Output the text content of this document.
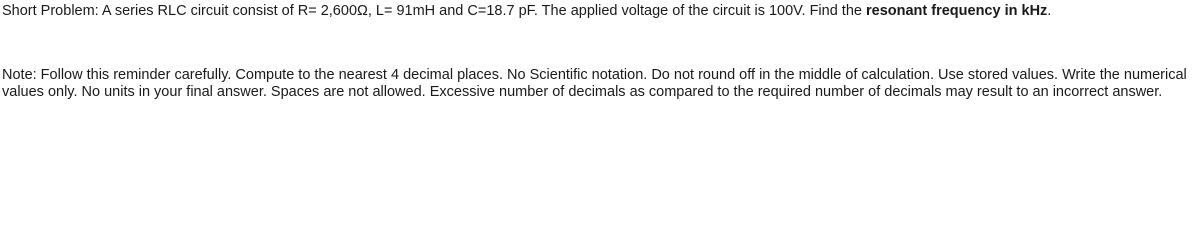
Short Problem: A series RLC circuit consist of R= 2,600Ω, L= 91mH and C=18.7 pF. The applied voltage of the circuit is 100V. Find the resonant frequency in kHz.

Note: Follow this reminder carefully. Compute to the nearest 4 decimal places. No Scientific notation. Do not round off in the middle of calculation. Use stored values. Write the numerical values only. No units in your final answer. Spaces are not allowed. Excessive number of decimals as compared to the required number of decimals may result to an incorrect answer.
